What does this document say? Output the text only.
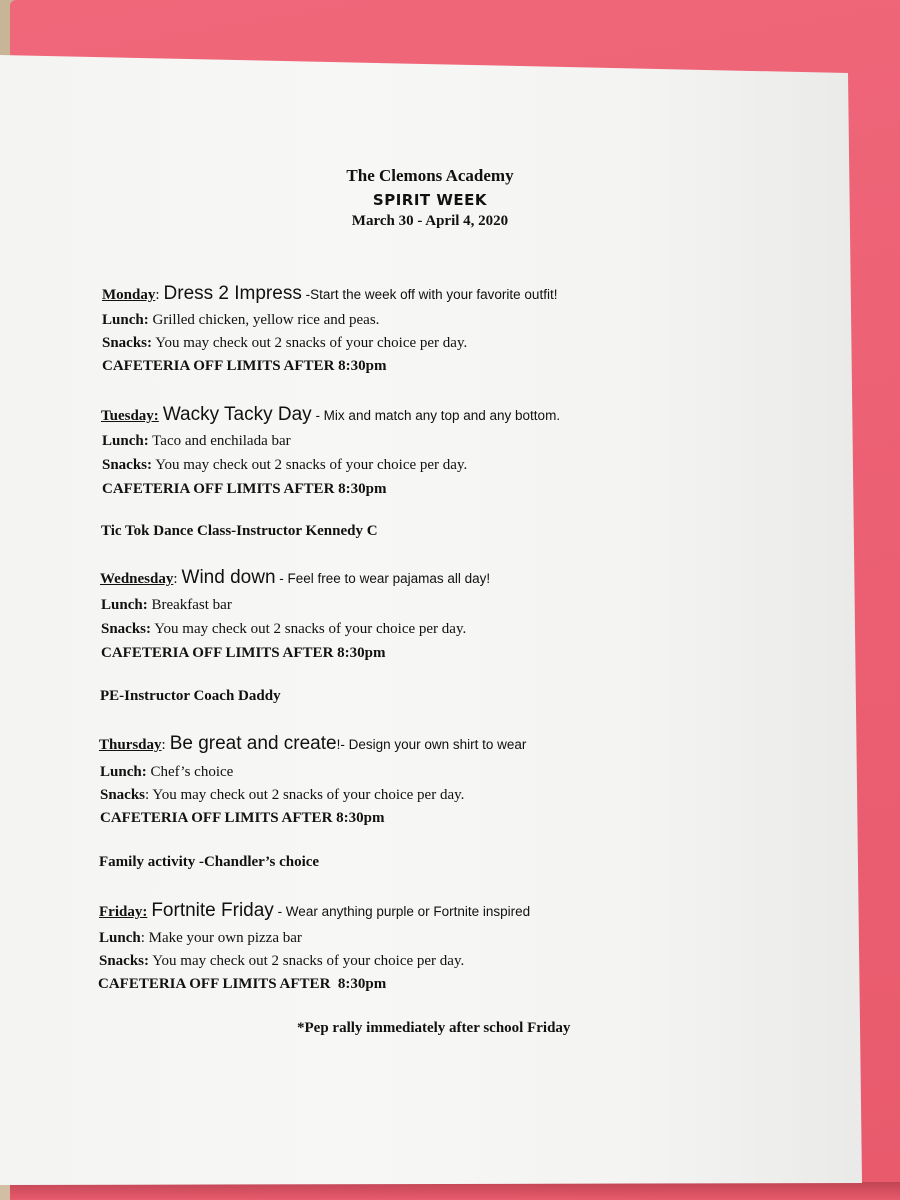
The Clemons Academy
SPIRIT WEEK
March 30 - April 4, 2020
Monday: Dress 2 Impress -Start the week off with your favorite outfit!
Lunch: Grilled chicken, yellow rice and peas.
Snacks: You may check out 2 snacks of your choice per day.
CAFETERIA OFF LIMITS AFTER 8:30pm
Tuesday: Wacky Tacky Day - Mix and match any top and any bottom.
Lunch: Taco and enchilada bar
Snacks: You may check out 2 snacks of your choice per day.
CAFETERIA OFF LIMITS AFTER 8:30pm
Tic Tok Dance Class-Instructor Kennedy C
Wednesday: Wind down - Feel free to wear pajamas all day!
Lunch: Breakfast bar
Snacks: You may check out 2 snacks of your choice per day.
CAFETERIA OFF LIMITS AFTER 8:30pm
PE-Instructor Coach Daddy
Thursday: Be great and create!- Design your own shirt to wear
Lunch: Chef’s choice
Snacks: You may check out 2 snacks of your choice per day.
CAFETERIA OFF LIMITS AFTER 8:30pm
Family activity -Chandler’s choice
Friday: Fortnite Friday - Wear anything purple or Fortnite inspired
Lunch: Make your own pizza bar
Snacks: You may check out 2 snacks of your choice per day.
CAFETERIA OFF LIMITS AFTER  8:30pm
*Pep rally immediately after school Friday
